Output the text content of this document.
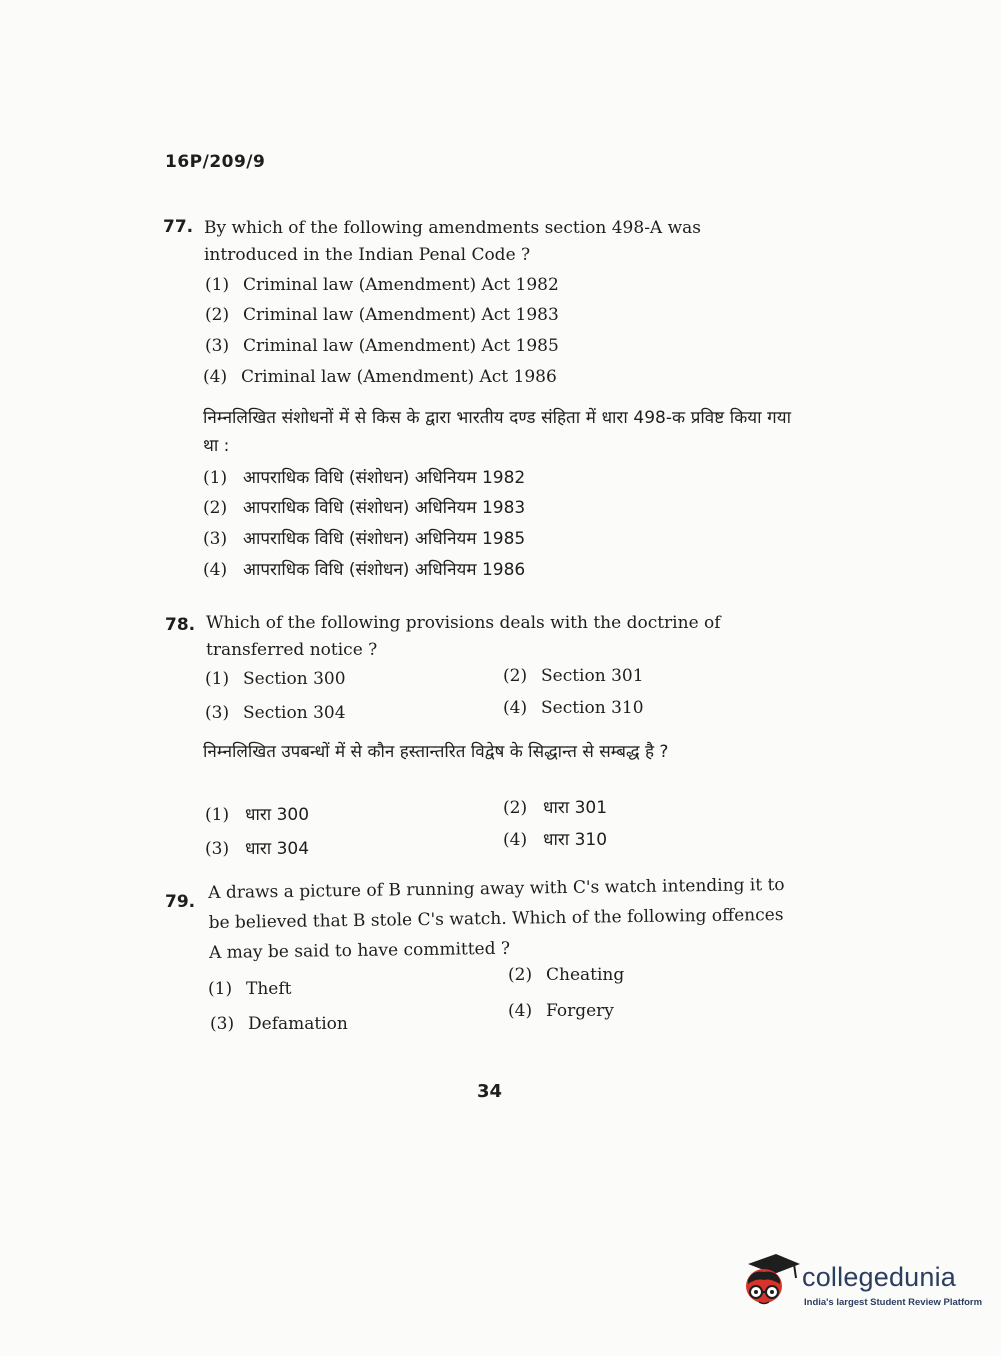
16P/209/9
77. By which of the following amendments section 498-A was introduced in the Indian Penal Code ?
(1) Criminal law (Amendment) Act 1982
(2) Criminal law (Amendment) Act 1983
(3) Criminal law (Amendment) Act 1985
(4) Criminal law (Amendment) Act 1986
निम्नलिखित संशोधनों में से किस के द्वारा भारतीय दण्ड संहिता में धारा 498-क प्रविष्ट किया गया था :
(1) आपराधिक विधि (संशोधन) अधिनियम 1982
(2) आपराधिक विधि (संशोधन) अधिनियम 1983
(3) आपराधिक विधि (संशोधन) अधिनियम 1985
(4) आपराधिक विधि (संशोधन) अधिनियम 1986
78. Which of the following provisions deals with the doctrine of transferred notice ?
(1) Section 300	(2) Section 301
(3) Section 304	(4) Section 310
निम्नलिखित उपबन्धों में से कौन हस्तान्तरित विद्वेष के सिद्धान्त से सम्बद्ध है ?
(1) धारा 300	(2) धारा 301
(3) धारा 304	(4) धारा 310
79. A draws a picture of B running away with C's watch intending it to be believed that B stole C's watch. Which of the following offences A may be said to have committed ?
(1) Theft
(2) Cheating
(3) Defamation
(4) Forgery
34
collegedunia
India's largest Student Review Platform
